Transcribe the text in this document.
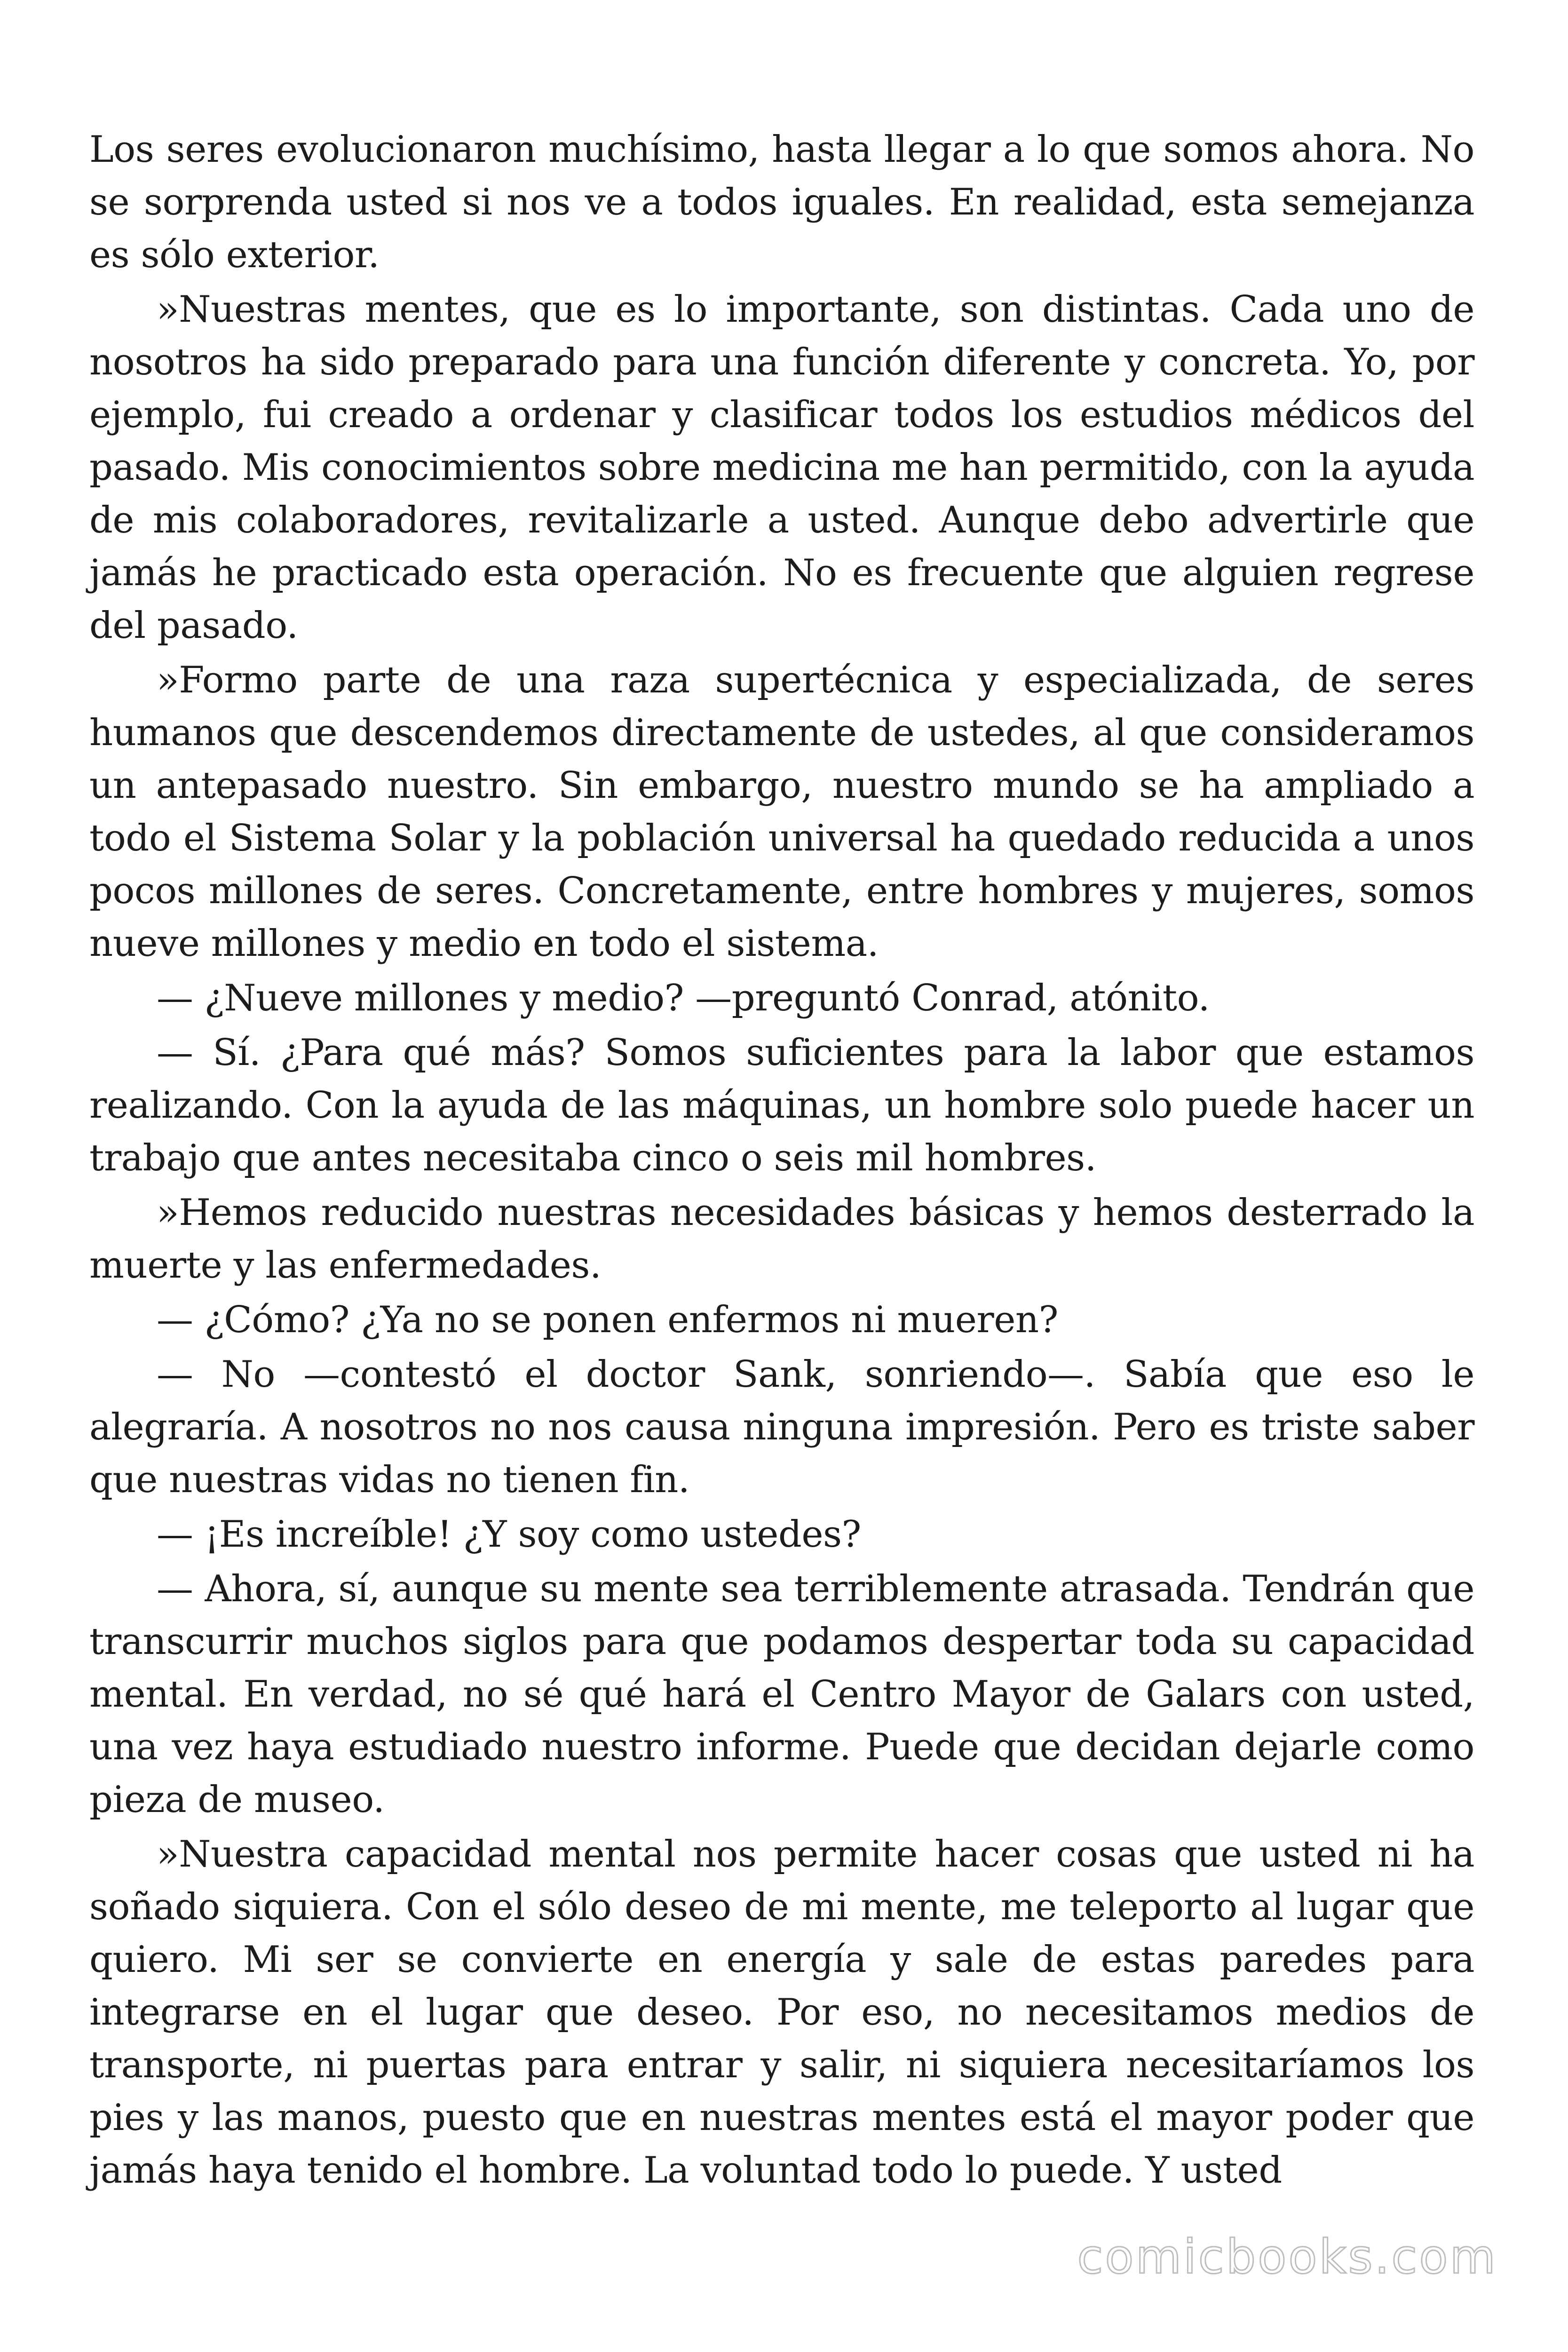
Los seres evolucionaron muchísimo, hasta llegar a lo que somos ahora. No se sorprenda usted si nos ve a todos iguales. En realidad, esta semejanza es sólo exterior.

»Nuestras mentes, que es lo importante, son distintas. Cada uno de nosotros ha sido preparado para una función diferente y concreta. Yo, por ejemplo, fui creado a ordenar y clasificar todos los estudios médicos del pasado. Mis conocimientos sobre medicina me han permitido, con la ayuda de mis colaboradores, revitalizarle a usted. Aunque debo advertirle que jamás he practicado esta operación. No es frecuente que alguien regrese del pasado.

»Formo parte de una raza supertécnica y especializada, de seres humanos que descendemos directamente de ustedes, al que consideramos un antepasado nuestro. Sin embargo, nuestro mundo se ha ampliado a todo el Sistema Solar y la población universal ha quedado reducida a unos pocos millones de seres. Concretamente, entre hombres y mujeres, somos nueve millones y medio en todo el sistema.

— ¿Nueve millones y medio? —preguntó Conrad, atónito.

— Sí. ¿Para qué más? Somos suficientes para la labor que estamos realizando. Con la ayuda de las máquinas, un hombre solo puede hacer un trabajo que antes necesitaba cinco o seis mil hombres.

»Hemos reducido nuestras necesidades básicas y hemos desterrado la muerte y las enfermedades.

— ¿Cómo? ¿Ya no se ponen enfermos ni mueren?

— No —contestó el doctor Sank, sonriendo—. Sabía que eso le alegraría. A nosotros no nos causa ninguna impresión. Pero es triste saber que nuestras vidas no tienen fin.

— ¡Es increíble! ¿Y soy como ustedes?

— Ahora, sí, aunque su mente sea terriblemente atrasada. Tendrán que transcurrir muchos siglos para que podamos despertar toda su capacidad mental. En verdad, no sé qué hará el Centro Mayor de Galars con usted, una vez haya estudiado nuestro informe. Puede que decidan dejarle como pieza de museo.

»Nuestra capacidad mental nos permite hacer cosas que usted ni ha soñado siquiera. Con el sólo deseo de mi mente, me teleporto al lugar que quiero. Mi ser se convierte en energía y sale de estas paredes para integrarse en el lugar que deseo. Por eso, no necesitamos medios de transporte, ni puertas para entrar y salir, ni siquiera necesitaríamos los pies y las manos, puesto que en nuestras mentes está el mayor poder que jamás haya tenido el hombre. La voluntad todo lo puede. Y usted

comicbooks.com
